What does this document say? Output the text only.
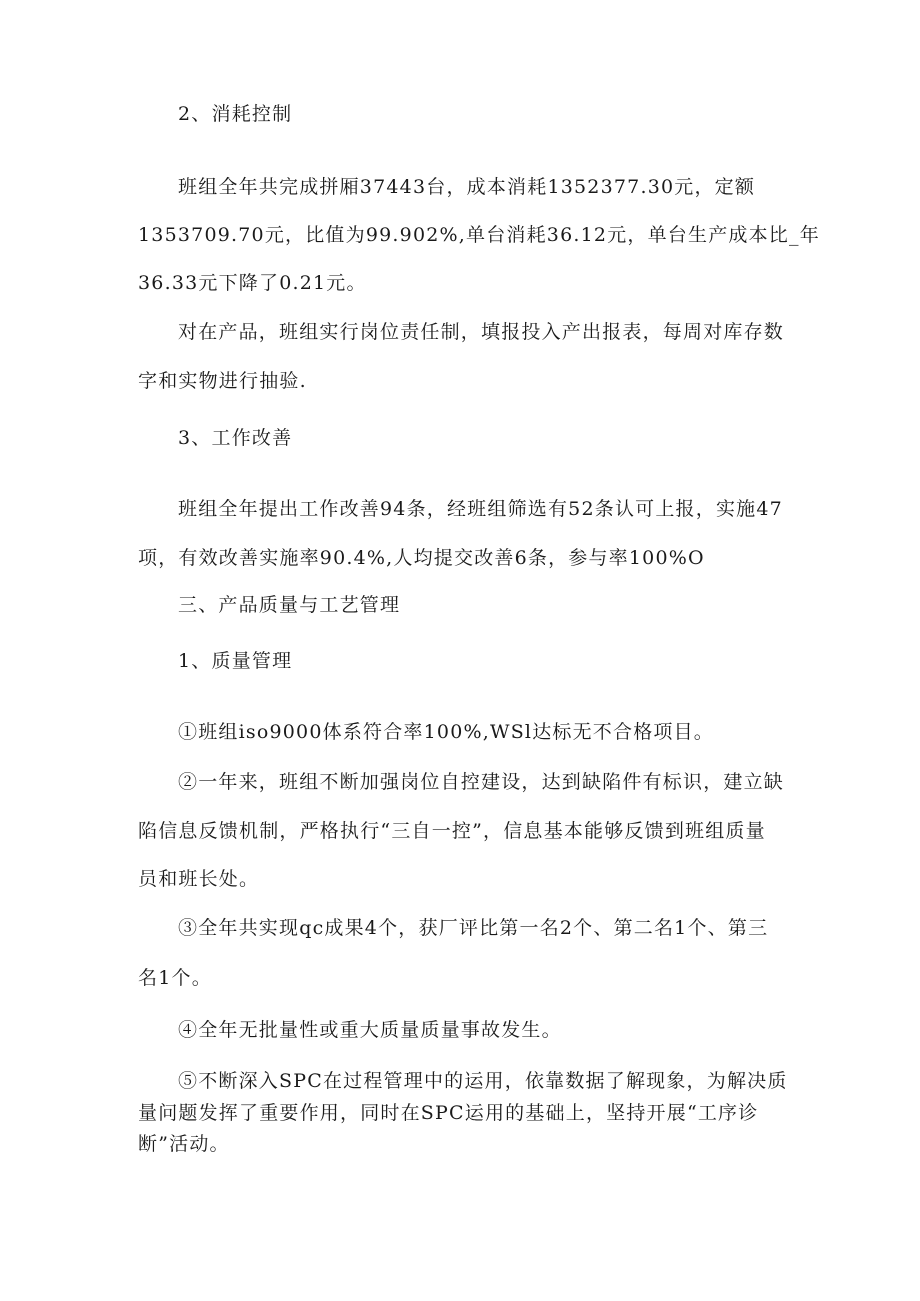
2、消耗控制
班组全年共完成拼厢37443台，成本消耗1352377.30元，定额
1353709.70元，比值为99.902%,单台消耗36.12元，单台生产成本比_年
36.33元下降了0.21元。
对在产品，班组实行岗位责任制，填报投入产出报表，每周对库存数
字和实物进行抽验.
3、工作改善
班组全年提出工作改善94条，经班组筛选有52条认可上报，实施47
项，有效改善实施率90.4%,人均提交改善6条，参与率100%O
三、产品质量与工艺管理
1、质量管理
①班组iso9000体系符合率100%,WSl达标无不合格项目。
②一年来，班组不断加强岗位自控建设，达到缺陷件有标识，建立缺
陷信息反馈机制，严格执行“三自一控”，信息基本能够反馈到班组质量
员和班长处。
③全年共实现qc成果4个，获厂评比第一名2个、第二名1个、第三
名1个。
④全年无批量性或重大质量质量事故发生。
⑤不断深入SPC在过程管理中的运用，依靠数据了解现象，为解决质
量问题发挥了重要作用，同时在SPC运用的基础上，坚持开展“工序诊
断”活动。
